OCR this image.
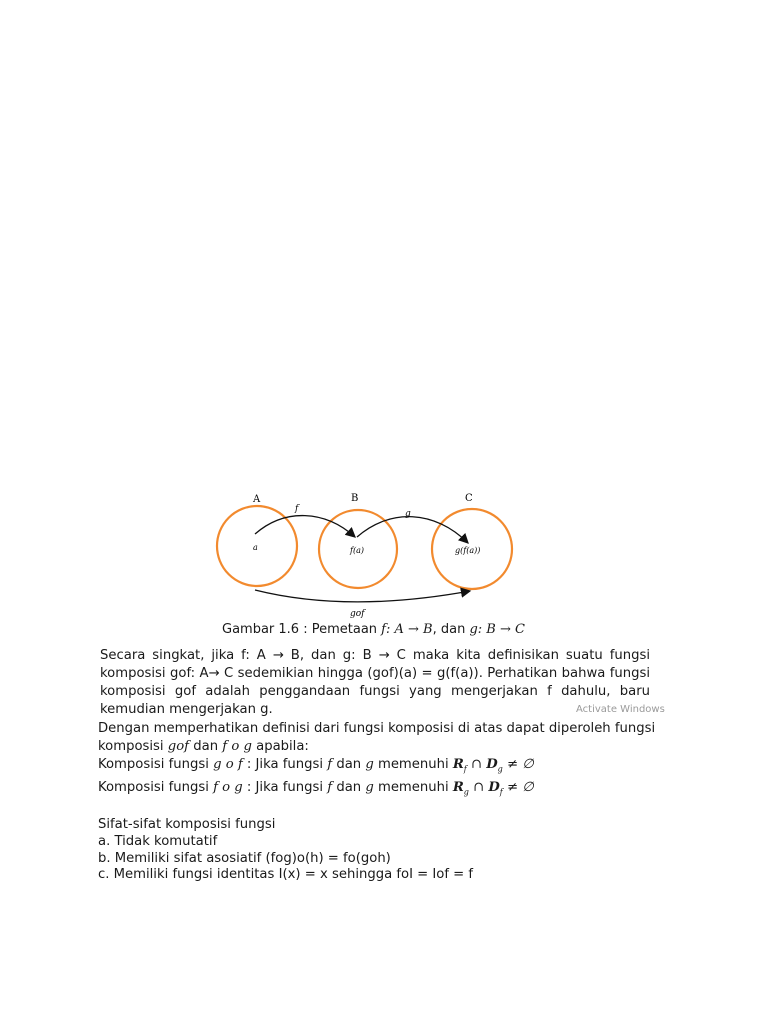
A	B	C
f	g
gof
a	f(a)	g(f(a))
Gambar 1.6 : Pemetaan f: A → B, dan g: B → C
Secara singkat, jika f: A → B, dan g: B → C maka kita definisikan suatu fungsi komposisi gof: A→ C sedemikian hingga (gof)(a) = g(f(a)). Perhatikan bahwa fungsi komposisi gof adalah penggandaan fungsi yang mengerjakan f dahulu, baru kemudian mengerjakan g.
Dengan memperhatikan definisi dari fungsi komposisi di atas dapat diperoleh fungsi
komposisi gof dan f o g apabila:
Komposisi fungsi g o f : Jika fungsi f dan g memenuhi $R_f$ ∩ $D_g$ ≠ ∅
Komposisi fungsi f o g : Jika fungsi f dan g memenuhi $R_g$ ∩ $D_f$ ≠ ∅
Sifat-sifat komposisi fungsi
a. Tidak komutatif
b. Memiliki sifat asosiatif (fog)o(h) = fo(goh)
c. Memiliki fungsi identitas I(x) = x sehingga foI = Iof = f
Activate Windows
